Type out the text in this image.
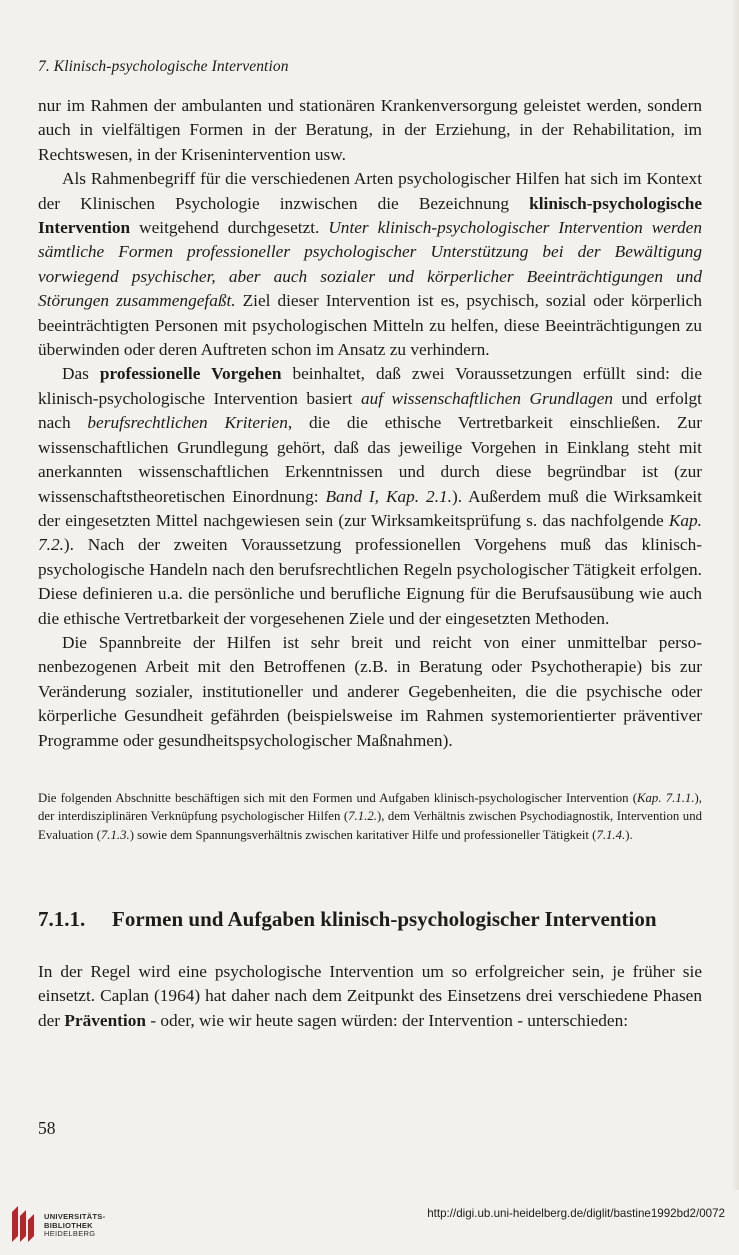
7. Klinisch-psychologische Intervention

nur im Rahmen der ambulanten und stationären Krankenversorgung geleistet werden, sondern auch in vielfältigen Formen in der Beratung, in der Erziehung, in der Rehabilitation, im Rechtswesen, in der Krisenintervention usw.

Als Rahmenbegriff für die verschiedenen Arten psychologischer Hilfen hat sich im Kontext der Klinischen Psychologie inzwischen die Bezeichnung klinisch-psychologische Intervention weitgehend durchgesetzt. Unter klinisch-psychologischer Intervention werden sämtliche Formen professioneller psychologischer Unterstützung bei der Bewältigung vorwiegend psychischer, aber auch sozialer und körperlicher Beeinträchtigungen und Störungen zusammengefaßt. Ziel dieser Intervention ist es, psychisch, sozial oder körperlich beeinträchtigten Personen mit psychologischen Mitteln zu helfen, diese Beeinträchtigungen zu überwinden oder deren Auftreten schon im Ansatz zu verhindern.

Das professionelle Vorgehen beinhaltet, daß zwei Voraussetzungen erfüllt sind: die klinisch-psychologische Intervention basiert auf wissenschaftlichen Grundlagen und erfolgt nach berufsrechtlichen Kriterien, die die ethische Vertretbarkeit einschließen. Zur wissenschaftlichen Grundlegung gehört, daß das jeweilige Vorgehen in Einklang steht mit anerkannten wissenschaftlichen Erkenntnissen und durch diese begründbar ist (zur wissenschaftstheoretischen Einordnung: Band I, Kap. 2.1.). Außerdem muß die Wirksamkeit der eingesetzten Mittel nachgewiesen sein (zur Wirksamkeitsprüfung s. das nachfolgende Kap. 7.2.). Nach der zweiten Voraussetzung professionellen Vorgehens muß das klinisch-psychologische Handeln nach den berufsrechtlichen Regeln psychologischer Tätigkeit erfolgen. Diese definieren u.a. die persönliche und berufliche Eignung für die Berufsausübung wie auch die ethische Vertretbarkeit der vorgesehenen Ziele und der eingesetzten Methoden.

Die Spannbreite der Hilfen ist sehr breit und reicht von einer unmittelbar personenbezogenen Arbeit mit den Betroffenen (z.B. in Beratung oder Psychotherapie) bis zur Veränderung sozialer, institutioneller und anderer Gegebenheiten, die die psychische oder körperliche Gesundheit gefährden (beispielsweise im Rahmen systemorientierter präventiver Programme oder gesundheitspsychologischer Maßnahmen).

Die folgenden Abschnitte beschäftigen sich mit den Formen und Aufgaben klinisch-psychologischer Intervention (Kap. 7.1.1.), der interdisziplinären Verknüpfung psychologischer Hilfen (7.1.2.), dem Verhältnis zwischen Psychodiagnostik, Intervention und Evaluation (7.1.3.) sowie dem Spannungsverhältnis zwischen karitativer Hilfe und professioneller Tätigkeit (7.1.4.).

7.1.1. Formen und Aufgaben klinisch-psychologischer Intervention

In der Regel wird eine psychologische Intervention um so erfolgreicher sein, je früher sie einsetzt. Caplan (1964) hat daher nach dem Zeitpunkt des Einsetzens drei verschiedene Phasen der Prävention - oder, wie wir heute sagen würden: der Intervention - unterschieden:

58
UNIVERSITÄTS-
BIBLIOTHEK
HEIDELBERG
http://digi.ub.uni-heidelberg.de/diglit/bastine1992bd2/0072
